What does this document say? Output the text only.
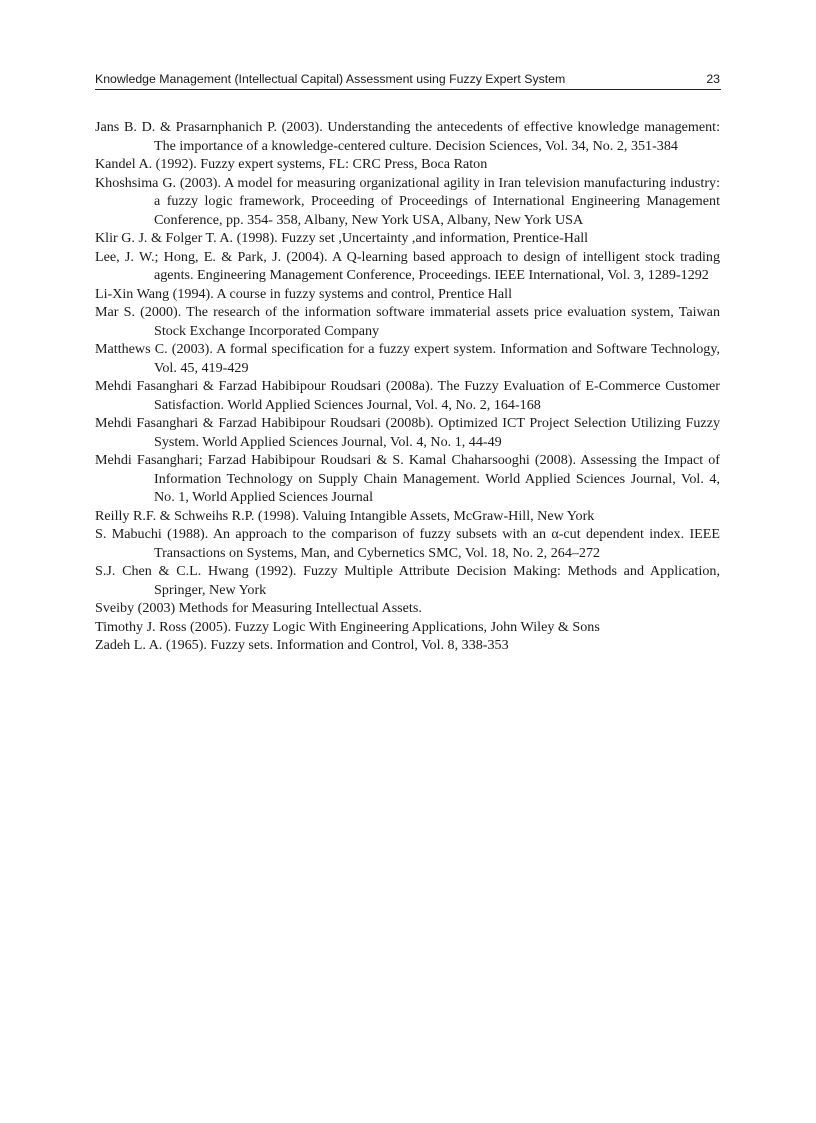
Knowledge Management (Intellectual Capital) Assessment using Fuzzy Expert System	23

Jans B. D. & Prasarnphanich P. (2003). Understanding the antecedents of effective knowledge management: The importance of a knowledge-centered culture. Decision Sciences, Vol. 34, No. 2, 351-384

Kandel A. (1992). Fuzzy expert systems, FL: CRC Press, Boca Raton

Khoshsima G. (2003). A model for measuring organizational agility in Iran television manufacturing industry: a fuzzy logic framework, Proceeding of Proceedings of International Engineering Management Conference, pp. 354- 358, Albany, New York USA, Albany, New York USA

Klir G. J. & Folger T. A. (1998). Fuzzy set ,Uncertainty ,and information, Prentice-Hall

Lee, J. W.; Hong, E. & Park, J. (2004). A Q-learning based approach to design of intelligent stock trading agents. Engineering Management Conference, Proceedings. IEEE International, Vol. 3, 1289-1292

Li-Xin Wang (1994). A course in fuzzy systems and control, Prentice Hall

Mar S. (2000). The research of the information software immaterial assets price evaluation system, Taiwan Stock Exchange Incorporated Company

Matthews C. (2003). A formal specification for a fuzzy expert system. Information and Software Technology, Vol. 45, 419-429

Mehdi Fasanghari & Farzad Habibipour Roudsari (2008a). The Fuzzy Evaluation of E-Commerce Customer Satisfaction. World Applied Sciences Journal, Vol. 4, No. 2, 164-168

Mehdi Fasanghari & Farzad Habibipour Roudsari (2008b). Optimized ICT Project Selection Utilizing Fuzzy System. World Applied Sciences Journal, Vol. 4, No. 1, 44-49

Mehdi Fasanghari; Farzad Habibipour Roudsari & S. Kamal Chaharsooghi (2008). Assessing the Impact of Information Technology on Supply Chain Management. World Applied Sciences Journal, Vol. 4, No. 1, World Applied Sciences Journal

Reilly R.F. & Schweihs R.P. (1998). Valuing Intangible Assets, McGraw-Hill, New York

S. Mabuchi (1988). An approach to the comparison of fuzzy subsets with an α-cut dependent index. IEEE Transactions on Systems, Man, and Cybernetics SMC, Vol. 18, No. 2, 264–272

S.J. Chen & C.L. Hwang (1992). Fuzzy Multiple Attribute Decision Making: Methods and Application, Springer, New York

Sveiby (2003) Methods for Measuring Intellectual Assets.

Timothy J. Ross (2005). Fuzzy Logic With Engineering Applications, John Wiley & Sons

Zadeh L. A. (1965). Fuzzy sets. Information and Control, Vol. 8, 338-353
